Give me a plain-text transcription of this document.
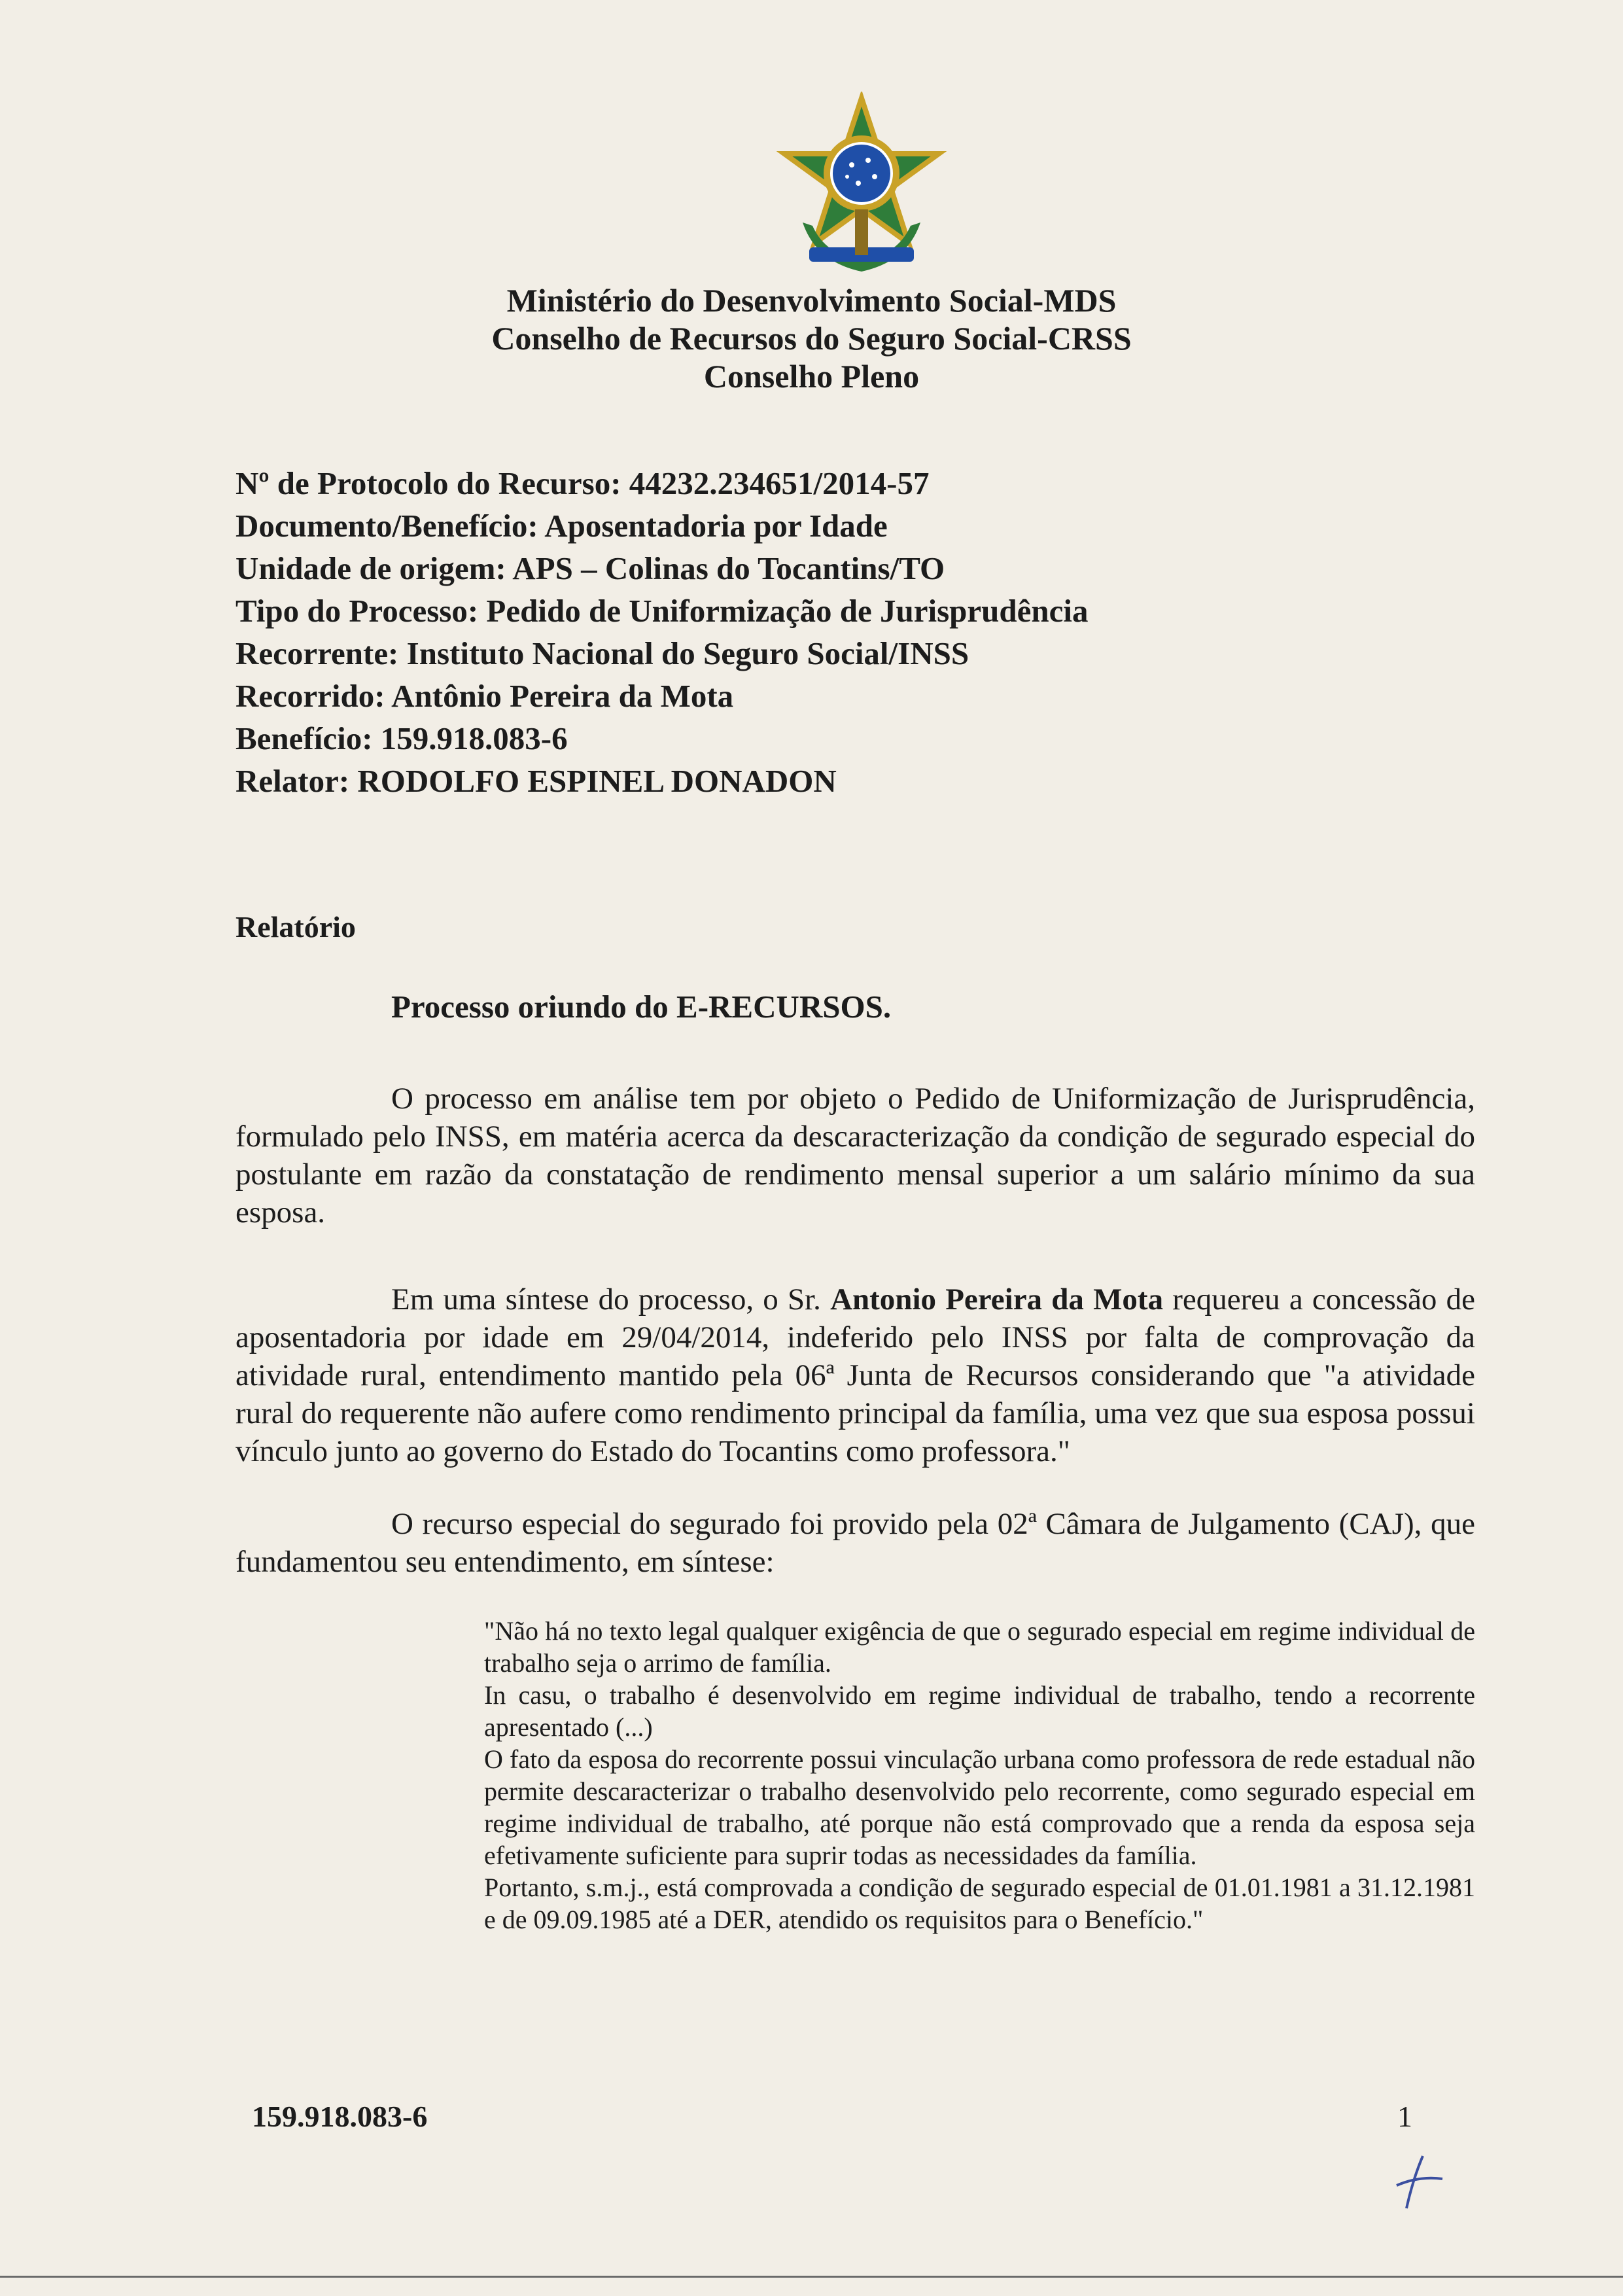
Ministério do Desenvolvimento Social-MDS
Conselho de Recursos do Seguro Social-CRSS
Conselho Pleno
Nº de Protocolo do Recurso: 44232.234651/2014-57
Documento/Benefício: Aposentadoria por Idade
Unidade de origem: APS – Colinas do Tocantins/TO
Tipo do Processo: Pedido de Uniformização de Jurisprudência
Recorrente: Instituto Nacional do Seguro Social/INSS
Recorrido: Antônio Pereira da Mota
Benefício: 159.918.083-6
Relator: RODOLFO ESPINEL DONADON
Relatório
Processo oriundo do E-RECURSOS.

O processo em análise tem por objeto o Pedido de Uniformização de Jurisprudência, formulado pelo INSS, em matéria acerca da descaracterização da condição de segurado especial do postulante em razão da constatação de rendimento mensal superior a um salário mínimo da sua esposa.

Em uma síntese do processo, o Sr. Antonio Pereira da Mota requereu a concessão de aposentadoria por idade em 29/04/2014, indeferido pelo INSS por falta de comprovação da atividade rural, entendimento mantido pela 06ª Junta de Recursos considerando que "a atividade rural do requerente não aufere como rendimento principal da família, uma vez que sua esposa possui vínculo junto ao governo do Estado do Tocantins como professora."

O recurso especial do segurado foi provido pela 02ª Câmara de Julgamento (CAJ), que fundamentou seu entendimento, em síntese:

"Não há no texto legal qualquer exigência de que o segurado especial em regime individual de trabalho seja o arrimo de família.

In casu, o trabalho é desenvolvido em regime individual de trabalho, tendo a recorrente apresentado (...)

O fato da esposa do recorrente possui vinculação urbana como professora de rede estadual não permite descaracterizar o trabalho desenvolvido pelo recorrente, como segurado especial em regime individual de trabalho, até porque não está comprovado que a renda da esposa seja efetivamente suficiente para suprir todas as necessidades da família.

Portanto, s.m.j., está comprovada a condição de segurado especial de 01.01.1981 a 31.12.1981 e de 09.09.1985 até a DER, atendido os requisitos para o Benefício."

159.918.083-6	1
